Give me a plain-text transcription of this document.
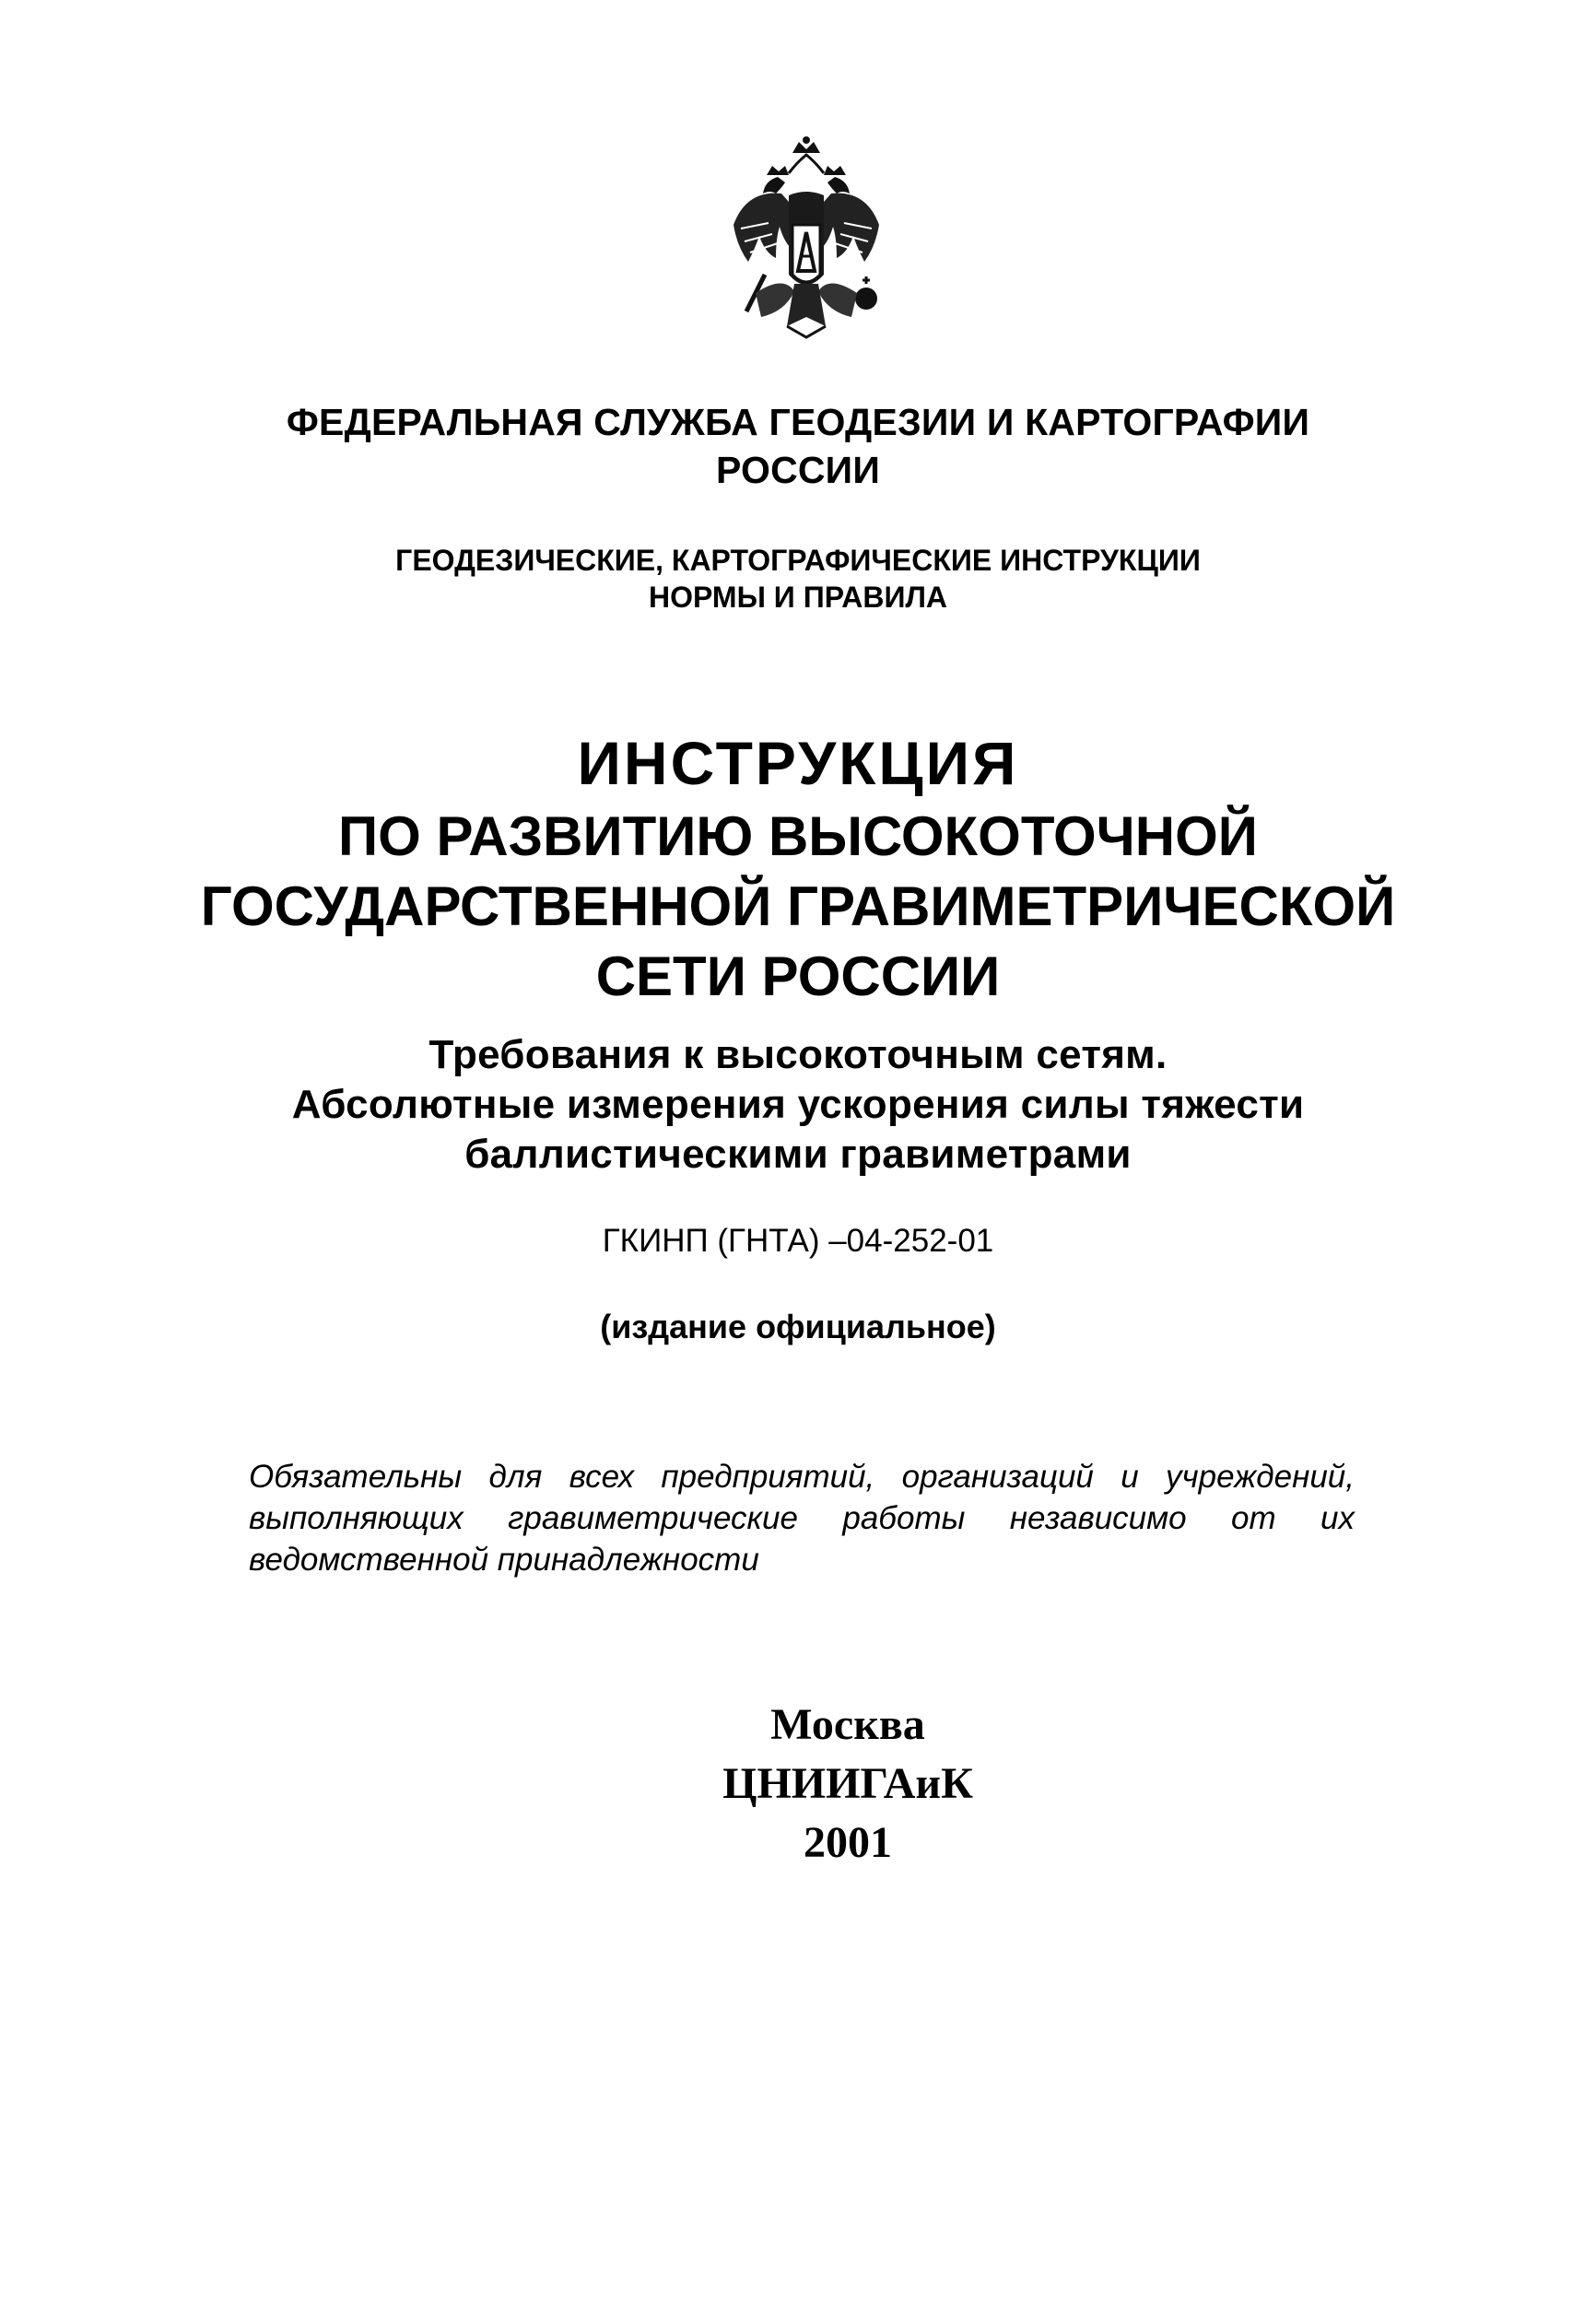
ФЕДЕРАЛЬНАЯ СЛУЖБА ГЕОДЕЗИИ И КАРТОГРАФИИ
РОССИИ
ГЕОДЕЗИЧЕСКИЕ, КАРТОГРАФИЧЕСКИЕ ИНСТРУКЦИИ
НОРМЫ И ПРАВИЛА
ИНСТРУКЦИЯ
ПО РАЗВИТИЮ ВЫСОКОТОЧНОЙ
ГОСУДАРСТВЕННОЙ ГРАВИМЕТРИЧЕСКОЙ
СЕТИ РОССИИ
Требования к высокоточным сетям.
Абсолютные измерения ускорения силы тяжести
баллистическими гравиметрами
ГКИНП (ГНТА) –04-252-01
(издание официальное)
Обязательны для всех предприятий, организаций и учреждений, выполняющих гравиметрические работы независимо от их ведомственной принадлежности
Москва
ЦНИИГАиК
2001
